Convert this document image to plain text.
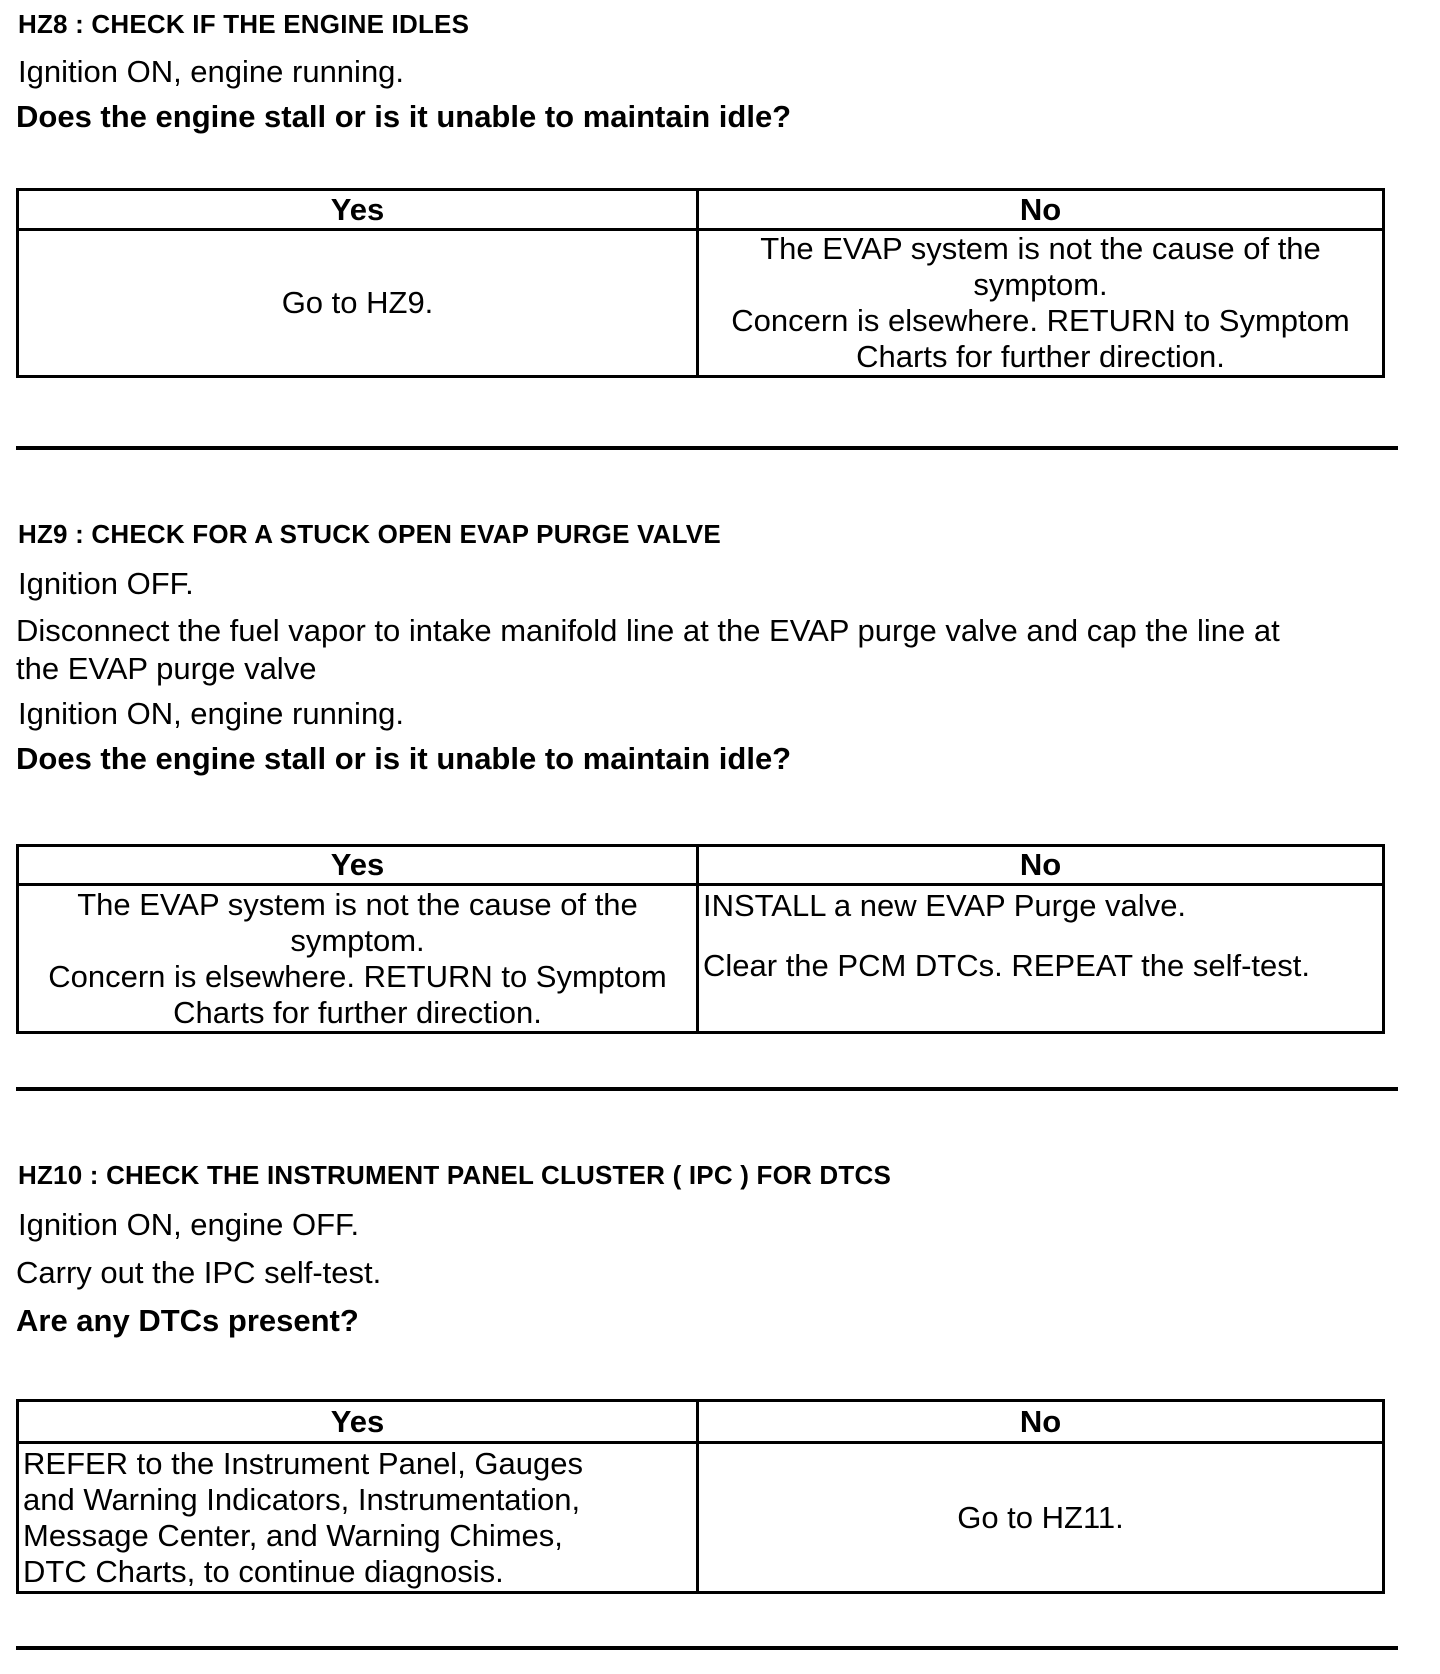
HZ8 : CHECK IF THE ENGINE IDLES
Ignition ON, engine running.
Does the engine stall or is it unable to maintain idle?
Yes	No
Go to HZ9.	The EVAP system is not the cause of the
symptom.
Concern is elsewhere. RETURN to Symptom
Charts for further direction.
HZ9 : CHECK FOR A STUCK OPEN EVAP PURGE VALVE
Ignition OFF.
Disconnect the fuel vapor to intake manifold line at the EVAP purge valve and cap the line at
the EVAP purge valve
Ignition ON, engine running.
Does the engine stall or is it unable to maintain idle?
Yes	No

The EVAP system is not the cause of the
symptom.
Concern is elsewhere. RETURN to Symptom
Charts for further direction.	INSTALL a new EVAP Purge valve.
Clear the PCM DTCs. REPEAT the self-test.
HZ10 : CHECK THE INSTRUMENT PANEL CLUSTER ( IPC ) FOR DTCS
Ignition ON, engine OFF.
Carry out the IPC self-test.
Are any DTCs present?
Yes	No

REFER to the Instrument Panel, Gauges
and Warning Indicators, Instrumentation,
Message Center, and Warning Chimes,
DTC Charts, to continue diagnosis.	Go to HZ11.
